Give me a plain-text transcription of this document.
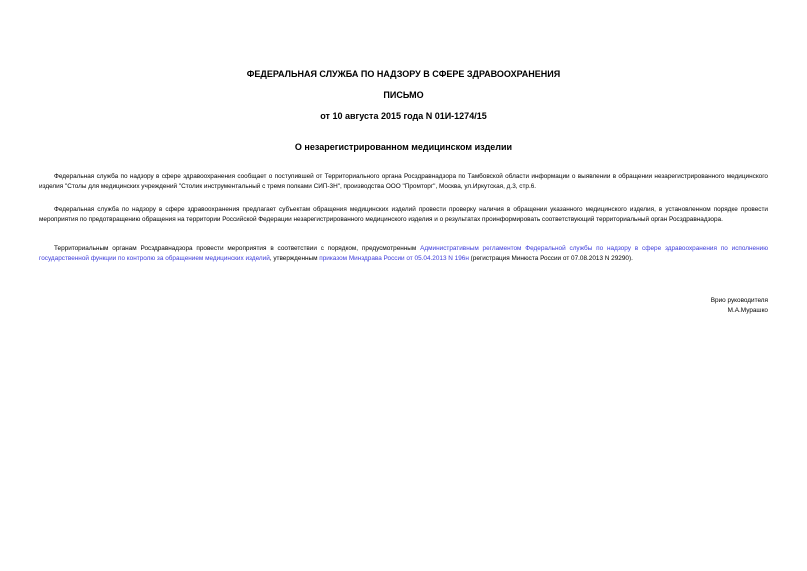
ФЕДЕРАЛЬНАЯ СЛУЖБА ПО НАДЗОРУ В СФЕРЕ ЗДРАВООХРАНЕНИЯ
ПИСЬМО
от 10 августа 2015 года N 01И-1274/15
О незарегистрированном медицинском изделии

Федеральная служба по надзору в сфере здравоохранения сообщает о поступившей от Территориального органа Росздравнадзора по Тамбовской области информации о выявлении в обращении незарегистрированного медицинского изделия "Столы для медицинских учреждений "Столик инструментальный с тремя полками СИП-3Н", производства ООО "Промторг", Москва, ул.Иркутская, д.3, стр.6.

Федеральная служба по надзору в сфере здравоохранения предлагает субъектам обращения медицинских изделий провести проверку наличия в обращении указанного медицинского изделия, в установленном порядке провести мероприятия по предотвращению обращения на территории Российской Федерации незарегистрированного медицинского изделия и о результатах проинформировать соответствующий территориальный орган Росздравнадзора.

Территориальным органам Росздравнадзора провести мероприятия в соответствии с порядком, предусмотренным Административным регламентом Федеральной службы по надзору в сфере здравоохранения по исполнению государственной функции по контролю за обращением медицинских изделий, утвержденным приказом Минздрава России от 05.04.2013 N 196н (регистрация Минюста России от 07.08.2013 N 29290).

Врио руководителя
М.А.Мурашко
